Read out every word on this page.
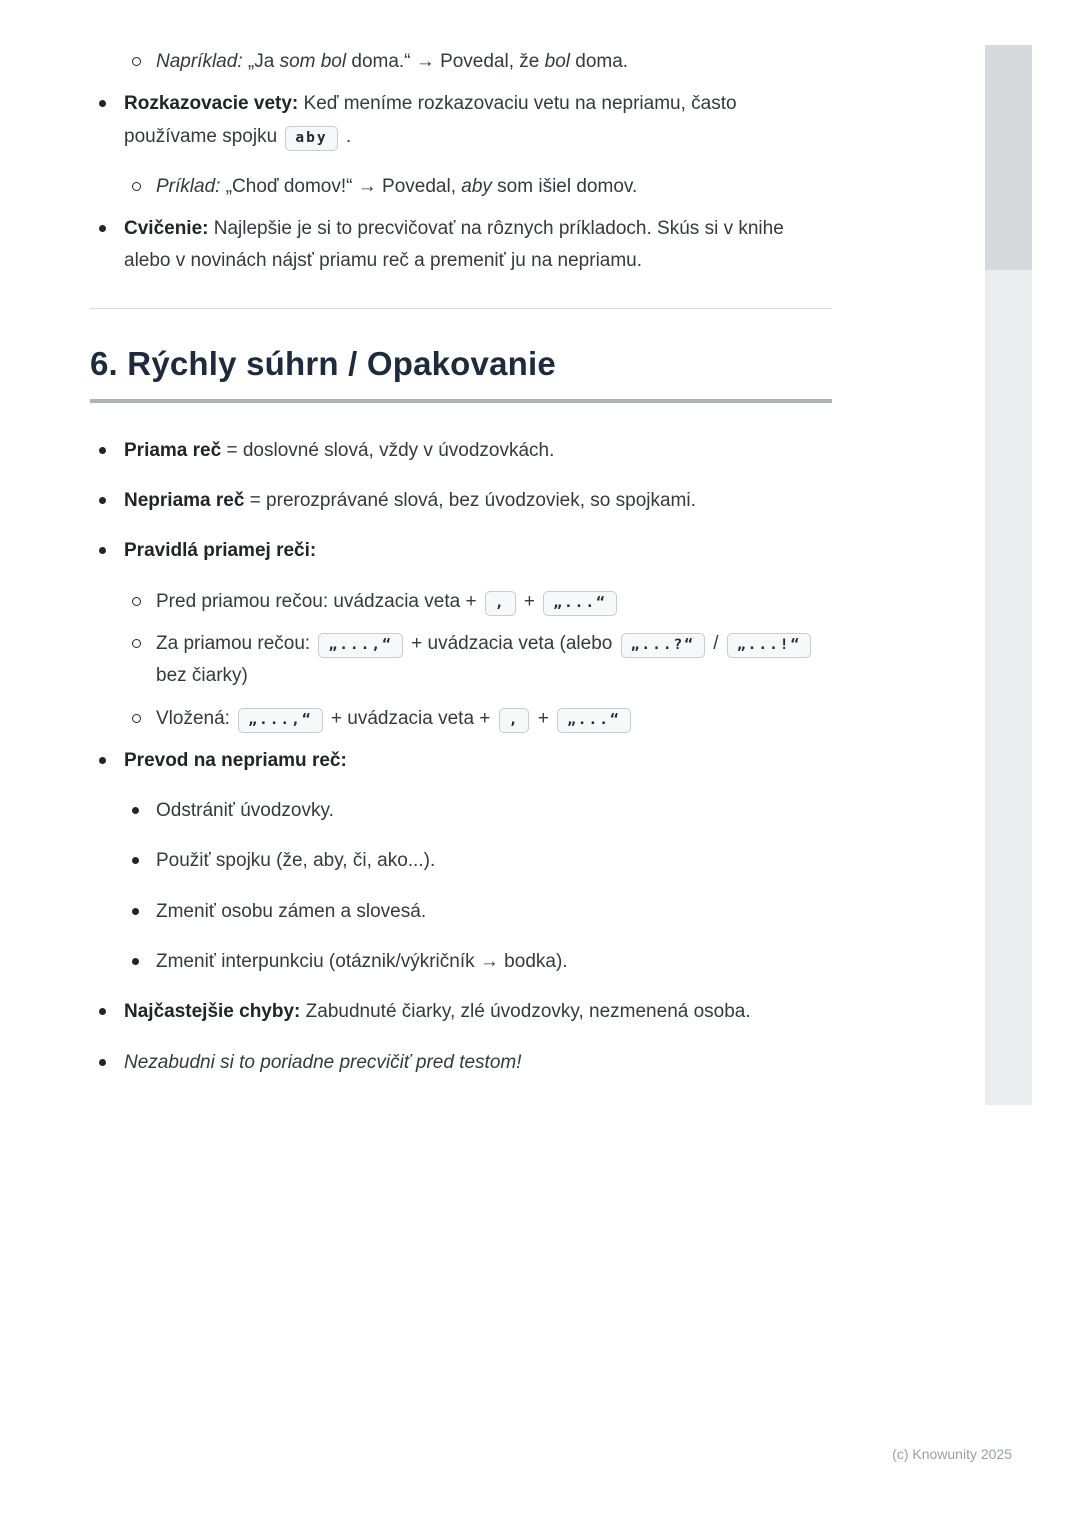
Napríklad: „Ja som bol doma.“ → Povedal, že bol doma.
Rozkazovacie vety: Keď meníme rozkazovaciu vetu na nepriamu, často používame spojku aby .
Príklad: „Choď domov!“ → Povedal, aby som išiel domov.
Cvičenie: Najlepšie je si to precvičovať na rôznych príkladoch. Skús si v knihe alebo v novinách nájsť priamu reč a premeniť ju na nepriamu.
6. Rýchly súhrn / Opakovanie
Priama reč = doslovné slová, vždy v úvodzovkách.
Nepriama reč = prerozprávané slová, bez úvodzoviek, so spojkami.
Pravidlá priamej reči:
Pred priamou rečou: uvádzacia veta + , + „...“
Za priamou rečou: „...,“ + uvádzacia veta (alebo „...?“ / „...!“ bez čiarky)
Vložená: „...,“ + uvádzacia veta + , + „...“
Prevod na nepriamu reč:
Odstrániť úvodzovky.
Použiť spojku (že, aby, či, ako...).
Zmeniť osobu zámen a slovesá.
Zmeniť interpunkciu (otáznik/výkričník → bodka).
Najčastejšie chyby: Zabudnuté čiarky, zlé úvodzovky, nezmenená osoba.
Nezabudni si to poriadne precvičiť pred testom!
(c) Knowunity 2025
